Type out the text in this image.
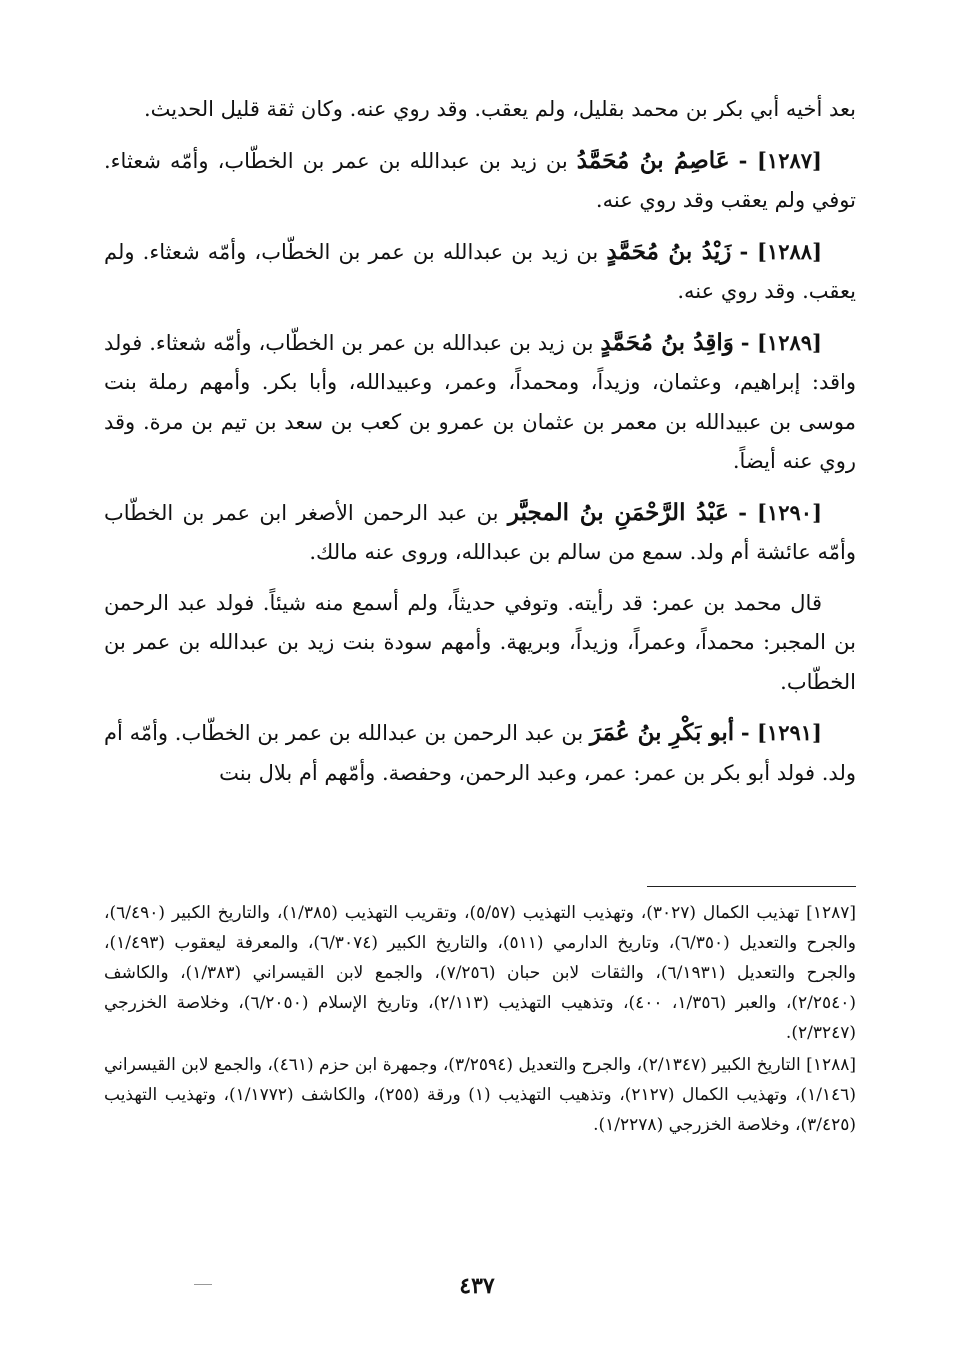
بعد أخيه أبي بكر بن محمد بقليل، ولم يعقب. وقد روي عنه. وكان ثقة قليل الحديث.

[١٢٨٧] - عَاصِمُ بنُ مُحَمَّدُ بن زيد بن عبدالله بن عمر بن الخطّاب، وأمّه شعثاء. توفي ولم يعقب وقد روي عنه.

[١٢٨٨] - زَيْدُ بنُ مُحَمَّدٍ بن زيد بن عبدالله بن عمر بن الخطّاب، وأمّه شعثاء. ولم يعقب. وقد روي عنه.

[١٢٨٩] - وَاقِدُ بنُ مُحَمَّدٍ بن زيد بن عبدالله بن عمر بن الخطّاب، وأمّه شعثاء. فولد واقد: إبراهيم، وعثمان، وزيداً، ومحمداً، وعمر، وعبيدالله، وأبا بكر. وأمهم رملة بنت موسى بن عبيدالله بن معمر بن عثمان بن عمرو بن كعب بن سعد بن تيم بن مرة. وقد روي عنه أيضاً.

[١٢٩٠] - عَبْدُ الرَّحْمَنِ بنُ المجبَّر بن عبد الرحمن الأصغر ابن عمر بن الخطّاب وأمّه عائشة أم ولد. سمع من سالم بن عبدالله، وروى عنه مالك.

قال محمد بن عمر: قد رأيته. وتوفي حديثاً، ولم أسمع منه شيئاً. فولد عبد الرحمن بن المجبر: محمداً، وعمراً، وزيداً، وبريهة. وأمهم سودة بنت زيد بن عبدالله بن عمر بن الخطّاب.

[١٢٩١] - أبو بَكْرِ بنُ عُمَرَ بن عبد الرحمن بن عبدالله بن عمر بن الخطّاب. وأمّه أم ولد. فولد أبو بكر بن عمر: عمر، وعبد الرحمن، وحفصة. وأمّهم أم بلال بنت

[١٢٨٧] تهذيب الكمال (٣٠٢٧)، وتهذيب التهذيب (٥/٥٧)، وتقريب التهذيب (١/٣٨٥)، والتاريخ الكبير (٦/٤٩٠)، والجرح والتعديل (٦/٣٥٠)، وتاريخ الدارمي (٥١١)، والتاريخ الكبير (٦/٣٠٧٤)، والمعرفة ليعقوب (١/٤٩٣)، والجرح والتعديل (٦/١٩٣١)، والثقات لابن حبان (٧/٢٥٦)، والجمع لابن القيسراني (١/٣٨٣)، والكاشف (٢/٢٥٤٠)، والعبر (١/٣٥٦، ٤٠٠)، وتذهيب التهذيب (٢/١١٣)، وتاريخ الإسلام (٦/٢٠٥٠)، وخلاصة الخزرجي (٢/٣٢٤٧).

[١٢٨٨] التاريخ الكبير (٢/١٣٤٧)، والجرح والتعديل (٣/٢٥٩٤)، وجمهرة ابن حزم (٤٦١)، والجمع لابن القيسراني (١/١٤٦)، وتهذيب الكمال (٢١٢٧)، وتذهيب التهذيب (١) ورقة (٢٥٥)، والكاشف (١/١٧٧٢)، وتهذيب التهذيب (٣/٤٢٥)، وخلاصة الخزرجي (١/٢٢٧٨).

٤٣٧
